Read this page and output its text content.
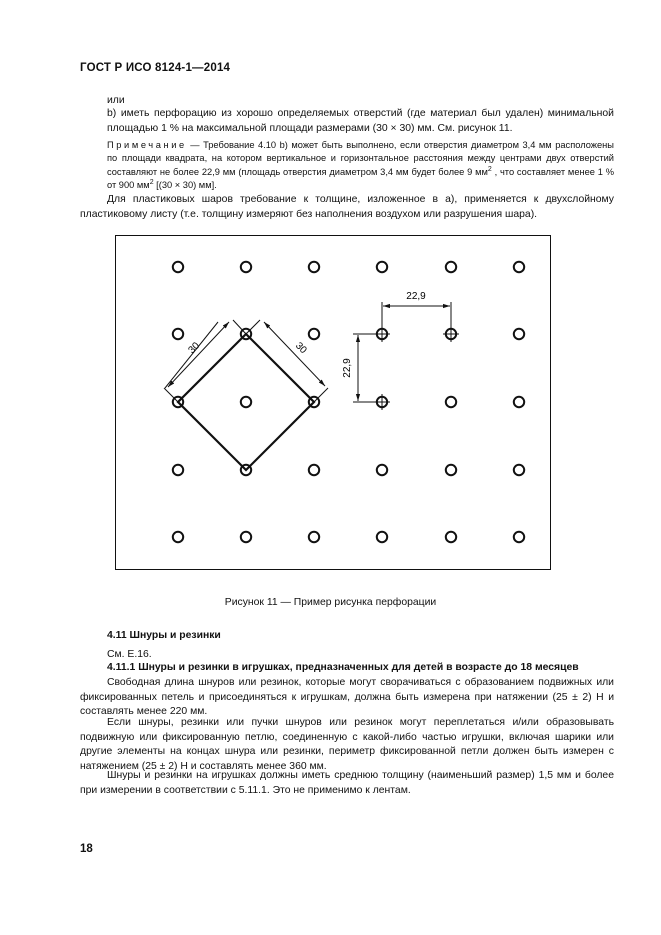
ГОСТ Р ИСО 8124-1—2014
или
b) иметь перфорацию из хорошо определяемых отверстий (где материал был удален) минимальной площадью 1 % на максимальной площади размерами (30 × 30) мм. См. рисунок 11.
Примечание — Требование 4.10 b) может быть выполнено, если отверстия диаметром 3,4 мм расположены по площади квадрата, на котором вертикальное и горизонтальное расстояния между центрами двух отверстий составляют не более 22,9 мм (площадь отверстия диаметром 3,4 мм будет более 9 $мм^2$ , что составляет менее 1 % от 900 $мм^2$ [(30 × 30) мм].
Для пластиковых шаров требование к толщине, изложенное в а), применяется к двухслойному пластиковому листу (т.е. толщину измеряют без наполнения воздухом или разрушения шара).
30	30
22,9
22,9
Рисунок 11 — Пример рисунка перфорации
4.11 Шнуры и резинки
См. Е.16.
4.11.1 Шнуры и резинки в игрушках, предназначенных для детей в возрасте до 18 месяцев
Свободная длина шнуров или резинок, которые могут сворачиваться с образованием подвижных или фиксированных петель и присоединяться к игрушкам, должна быть измерена при натяжении (25 ± 2) Н и составлять менее 220 мм.
Если шнуры, резинки или пучки шнуров или резинок могут переплетаться и/или образовывать подвижную или фиксированную петлю, соединенную с какой-либо частью игрушки, включая шарики или другие элементы на концах шнура или резинки, периметр фиксированной петли должен быть измерен с натяжением (25 ± 2) Н и составлять менее 360 мм.
Шнуры и резинки на игрушках должны иметь среднюю толщину (наименьший размер) 1,5 мм и более при измерении в соответствии с 5.11.1. Это не применимо к лентам.
18
